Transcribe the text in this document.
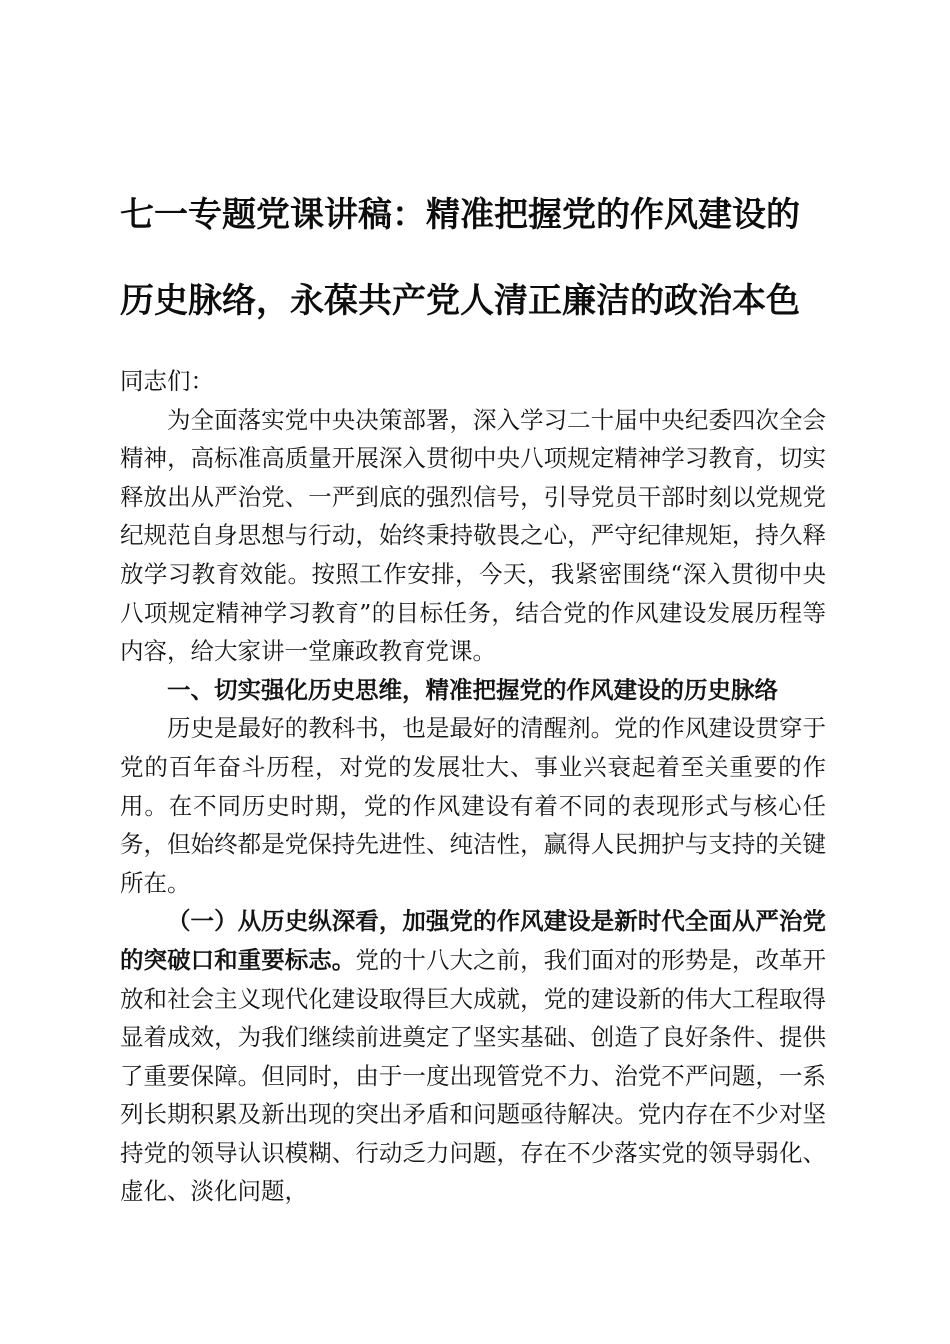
七一专题党课讲稿：精准把握党的作风建设的
历史脉络，永葆共产党人清正廉洁的政治本色

同志们：

为全面落实党中央决策部署，深入学习二十届中央纪委四次全会精神，高标准高质量开展深入贯彻中央八项规定精神学习教育，切实释放出从严治党、一严到底的强烈信号，引导党员干部时刻以党规党纪规范自身思想与行动，始终秉持敬畏之心，严守纪律规矩，持久释放学习教育效能。按照工作安排，今天，我紧密围绕“深入贯彻中央八项规定精神学习教育”的目标任务，结合党的作风建设发展历程等内容，给大家讲一堂廉政教育党课。

一、切实强化历史思维，精准把握党的作风建设的历史脉络

历史是最好的教科书，也是最好的清醒剂。党的作风建设贯穿于党的百年奋斗历程，对党的发展壮大、事业兴衰起着至关重要的作用。在不同历史时期，党的作风建设有着不同的表现形式与核心任务，但始终都是党保持先进性、纯洁性，赢得人民拥护与支持的关键所在。

（一）从历史纵深看，加强党的作风建设是新时代全面从严治党的突破口和重要标志。党的十八大之前，我们面对的形势是，改革开放和社会主义现代化建设取得巨大成就，党的建设新的伟大工程取得显着成效，为我们继续前进奠定了坚实基础、创造了良好条件、提供了重要保障。但同时，由于一度出现管党不力、治党不严问题，一系列长期积累及新出现的突出矛盾和问题亟待解决。党内存在不少对坚持党的领导认识模糊、行动乏力问题，存在不少落实党的领导弱化、虚化、淡化问题，
